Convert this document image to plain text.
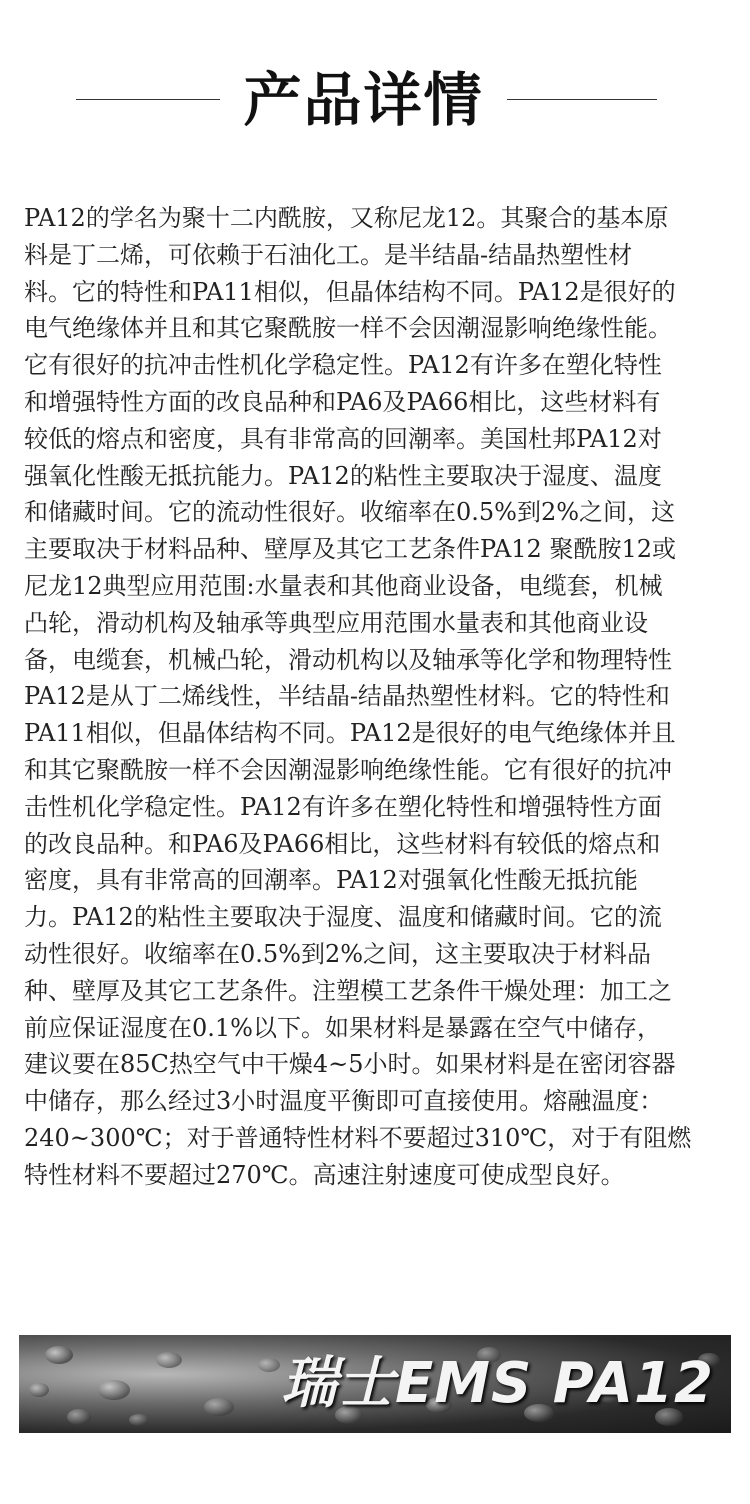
产品详情

PA12的学名为聚十二内酰胺，又称尼龙12。其聚合的基本原
料是丁二烯，可依赖于石油化工。是半结晶-结晶热塑性材
料。它的特性和PA11相似，但晶体结构不同。PA12是很好的
电气绝缘体并且和其它聚酰胺一样不会因潮湿影响绝缘性能。
它有很好的抗冲击性机化学稳定性。PA12有许多在塑化特性
和增强特性方面的改良品种和PA6及PA66相比，这些材料有
较低的熔点和密度，具有非常高的回潮率。美国杜邦PA12对
强氧化性酸无抵抗能力。PA12的粘性主要取决于湿度、温度
和储藏时间。它的流动性很好。收缩率在0.5%到2%之间，这
主要取决于材料品种、壁厚及其它工艺条件PA12 聚酰胺12或
尼龙12典型应用范围:水量表和其他商业设备，电缆套，机械
凸轮，滑动机构及轴承等典型应用范围水量表和其他商业设
备，电缆套，机械凸轮，滑动机构以及轴承等化学和物理特性
PA12是从丁二烯线性，半结晶-结晶热塑性材料。它的特性和
PA11相似，但晶体结构不同。PA12是很好的电气绝缘体并且
和其它聚酰胺一样不会因潮湿影响绝缘性能。它有很好的抗冲
击性机化学稳定性。PA12有许多在塑化特性和增强特性方面
的改良品种。和PA6及PA66相比，这些材料有较低的熔点和
密度，具有非常高的回潮率。PA12对强氧化性酸无抵抗能
力。PA12的粘性主要取决于湿度、温度和储藏时间。它的流
动性很好。收缩率在0.5%到2%之间，这主要取决于材料品
种、壁厚及其它工艺条件。注塑模工艺条件干燥处理：加工之
前应保证湿度在0.1%以下。如果材料是暴露在空气中储存，
建议要在85C热空气中干燥4~5小时。如果材料是在密闭容器
中储存，那么经过3小时温度平衡即可直接使用。熔融温度：
240~300℃；对于普通特性材料不要超过310℃，对于有阻燃
特性材料不要超过270℃。高速注射速度可使成型良好。

瑞士EMS PA12
